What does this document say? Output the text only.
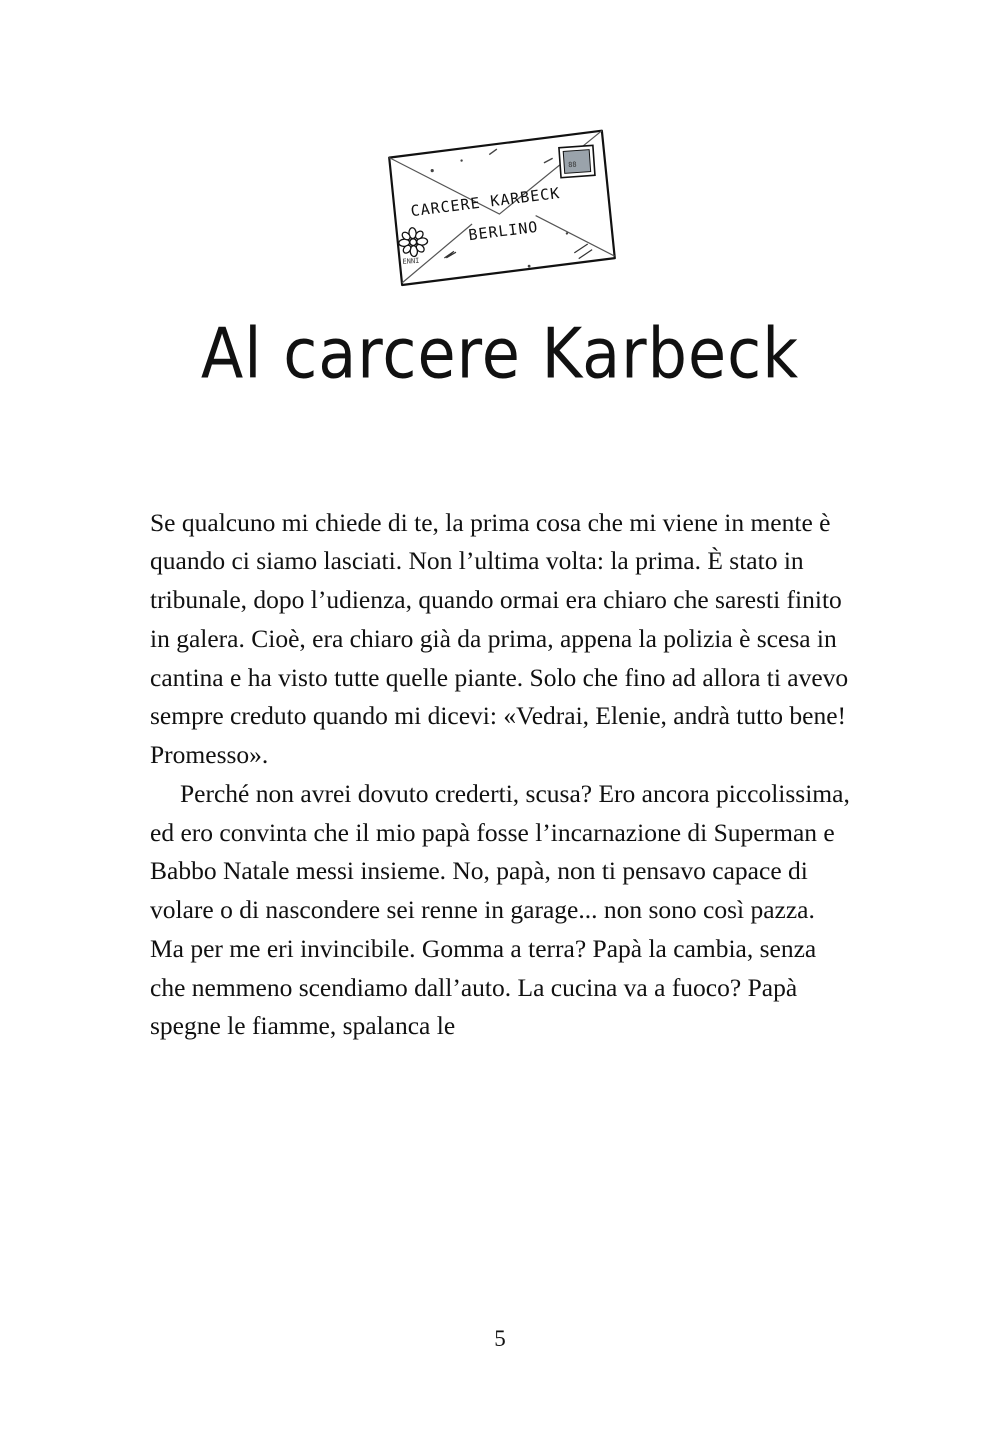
88
CARCERE KARBECK
BERLINO
ENNI
Al carcere Karbeck

Se qualcuno mi chiede di te, la prima cosa che mi viene in mente è quando ci siamo lasciati. Non l’ultima volta: la prima. È stato in tribunale, dopo l’udienza, quando ormai era chiaro che saresti finito in galera. Cioè, era chiaro già da prima, appena la polizia è scesa in cantina e ha visto tutte quelle piante. Solo che fino ad allora ti avevo sempre creduto quando mi dicevi: «Vedrai, Elenie, andrà tutto bene! Promesso».

Perché non avrei dovuto crederti, scusa? Ero ancora piccolissima, ed ero convinta che il mio papà fosse l’incarnazione di Superman e Babbo Natale messi insieme. No, papà, non ti pensavo capace di volare o di nascondere sei renne in garage... non sono così pazza. Ma per me eri invincibile. Gomma a terra? Papà la cambia, senza che nemmeno scendiamo dall’auto. La cucina va a fuoco? Papà spegne le fiamme, spalanca le

5
